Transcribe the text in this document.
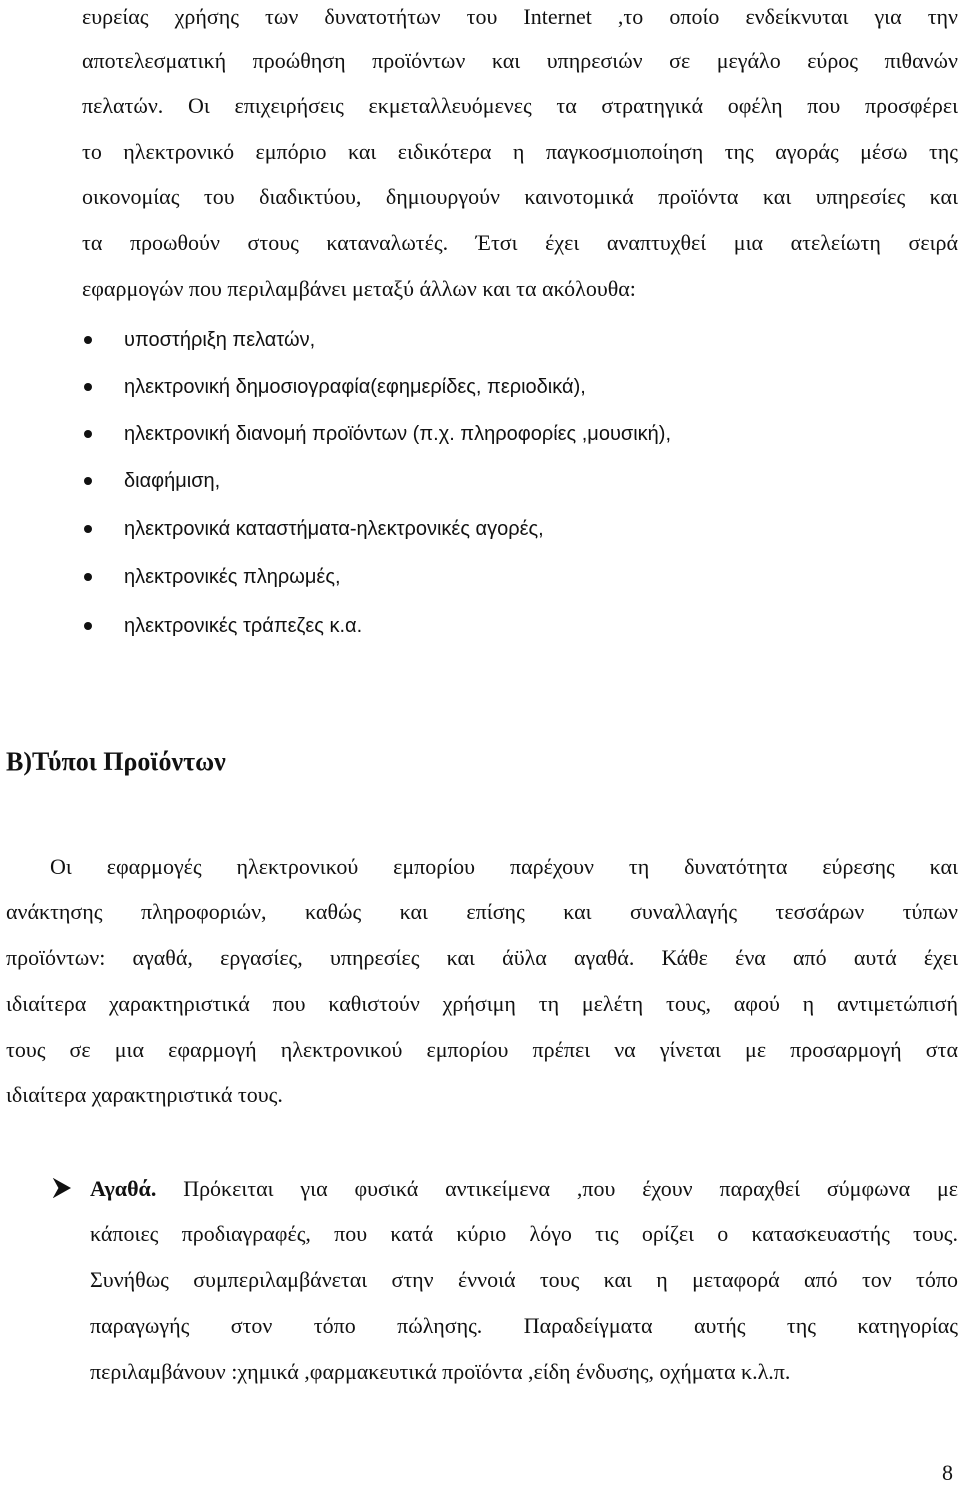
ευρείας χρήσης των δυνατοτήτων του Internet ,το οποίο ενδείκνυται για την
αποτελεσματική προώθηση προϊόντων και υπηρεσιών σε μεγάλο εύρος πιθανών
πελατών. Οι επιχειρήσεις εκμεταλλευόμενες τα στρατηγικά οφέλη που προσφέρει
το ηλεκτρονικό εμπόριο και ειδικότερα η παγκοσμιοποίηση της αγοράς μέσω της
οικονομίας του διαδικτύου, δημιουργούν καινοτομικά προϊόντα και υπηρεσίες και
τα προωθούν στους καταναλωτές. Έτσι έχει αναπτυχθεί μια ατελείωτη σειρά
εφαρμογών που περιλαμβάνει μεταξύ άλλων και τα ακόλουθα:
υποστήριξη πελατών,
ηλεκτρονική δημοσιογραφία(εφημερίδες, περιοδικά),
ηλεκτρονική διανομή προϊόντων (π.χ. πληροφορίες ,μουσική),
διαφήμιση,
ηλεκτρονικά καταστήματα-ηλεκτρονικές αγορές,
ηλεκτρονικές πληρωμές,
ηλεκτρονικές τράπεζες κ.α.
Β)Τύποι Προϊόντων
Οι εφαρμογές ηλεκτρονικού εμπορίου παρέχουν τη δυνατότητα εύρεσης και
ανάκτησης πληροφοριών, καθώς και επίσης και συναλλαγής τεσσάρων τύπων
προϊόντων: αγαθά, εργασίες, υπηρεσίες και άϋλα αγαθά. Κάθε ένα από αυτά έχει
ιδιαίτερα χαρακτηριστικά που καθιστούν χρήσιμη τη μελέτη τους, αφού η αντιμετώπισή
τους σε μια εφαρμογή ηλεκτρονικού εμπορίου πρέπει να γίνεται με προσαρμογή στα
ιδιαίτερα χαρακτηριστικά τους.
Αγαθά. Πρόκειται για φυσικά αντικείμενα ,που έχουν παραχθεί σύμφωνα με
κάποιες προδιαγραφές, που κατά κύριο λόγο τις ορίζει ο κατασκευαστής τους.
Συνήθως συμπεριλαμβάνεται στην έννοιά τους και η μεταφορά από τον τόπο
παραγωγής στον τόπο πώλησης. Παραδείγματα αυτής της κατηγορίας
περιλαμβάνουν :χημικά ,φαρμακευτικά προϊόντα ,είδη ένδυσης, οχήματα κ.λ.π.
8
